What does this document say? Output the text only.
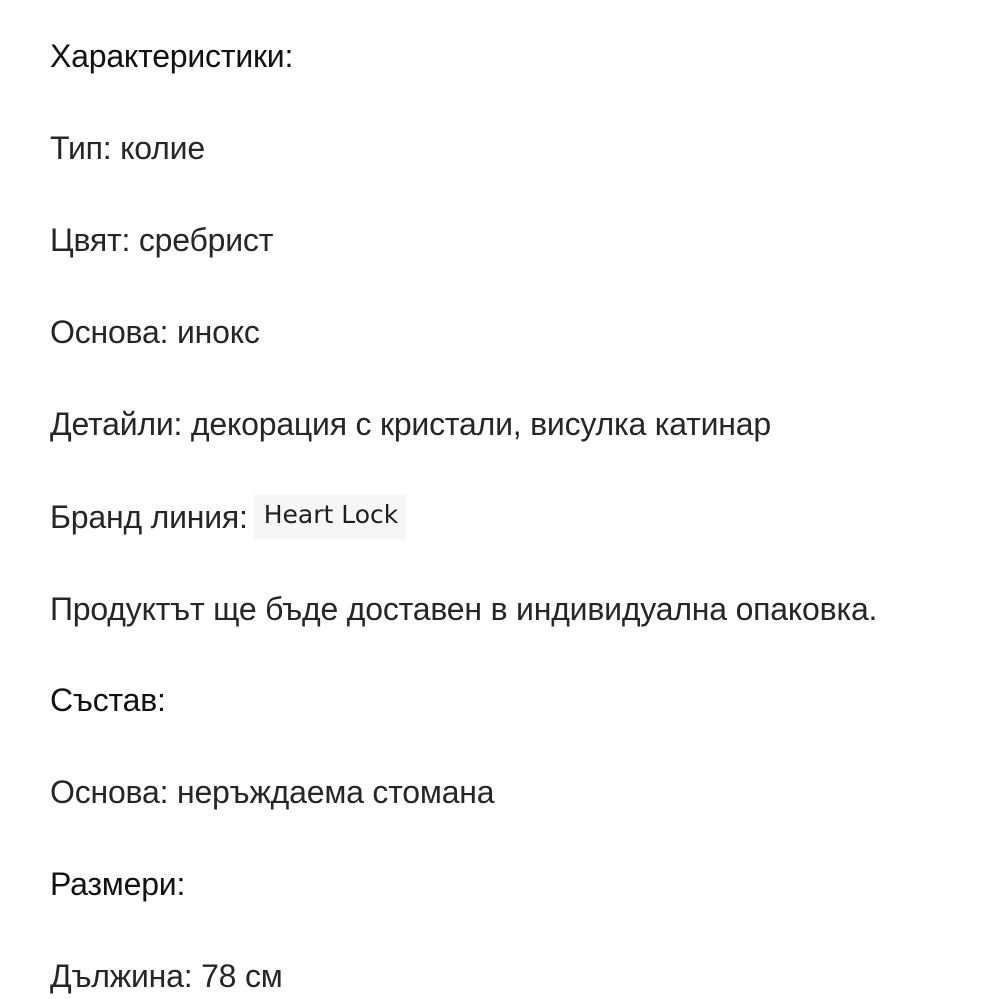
Характеристики:
Тип: колие
Цвят: сребрист
Основа: инокс
Детайли: декорация с кристали, висулка катинар
Бранд линия: Heart Lock
Продуктът ще бъде доставен в индивидуална опаковка.
Състав:
Основа: неръждаема стомана
Размери:
Дължина: 78 см
